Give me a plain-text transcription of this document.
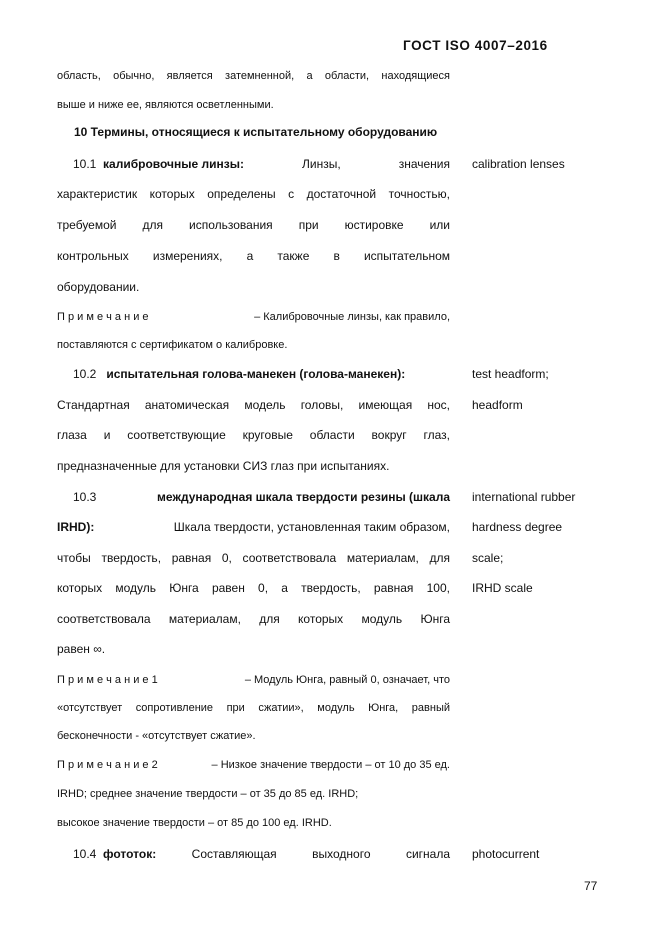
ГОСТ ISO 4007–2016
область, обычно, является затемненной, а области, находящиеся
выше и ниже ее, являются осветленными.
10 Термины, относящиеся к испытательному оборудованию
10.1 калибровочные линзы:	Линзы,	значения calibration lenses
характеристик которых определены с достаточной точностью,
требуемой для использования при юстировке или
контрольных измерениях, а также в испытательном
оборудовании.
П р и м е ч а н и е	– Калибровочные линзы, как правило,
поставляются с сертификатом о калибровке.
10.2 испытательная голова-манекен (голова-манекен):	test headform;
headform
Стандартная анатомическая модель головы, имеющая нос,
глаза и соответствующие круговые области вокруг глаз,
предназначенные для установки СИЗ глаз при испытаниях.
10.3	международная шкала твердости резины (шкала international rubber
IRHD):	Шкала твердости, установленная таким образом, hardness degree
чтобы твердость, равная 0, соответствовала материалам, для scale;
которых модуль Юнга равен 0, а твердость, равная 100, IRHD scale
соответствовала материалам, для которых модуль Юнга
равен ∞.
П р и м е ч а н и е 1	– Модуль Юнга, равный 0, означает, что
«отсутствует сопротивление при сжатии», модуль Юнга, равный
бесконечности - «отсутствует сжатие».
П р и м е ч а н и е 2	– Низкое значение твердости – от 10 до 35 ед.
IRHD; среднее значение твердости – от 35 до 85 ед. IRHD;
высокое значение твердости – от 85 до 100 ед. IRHD.
10.4 фототок:	Составляющая	выходного	сигнала photocurrent
77
